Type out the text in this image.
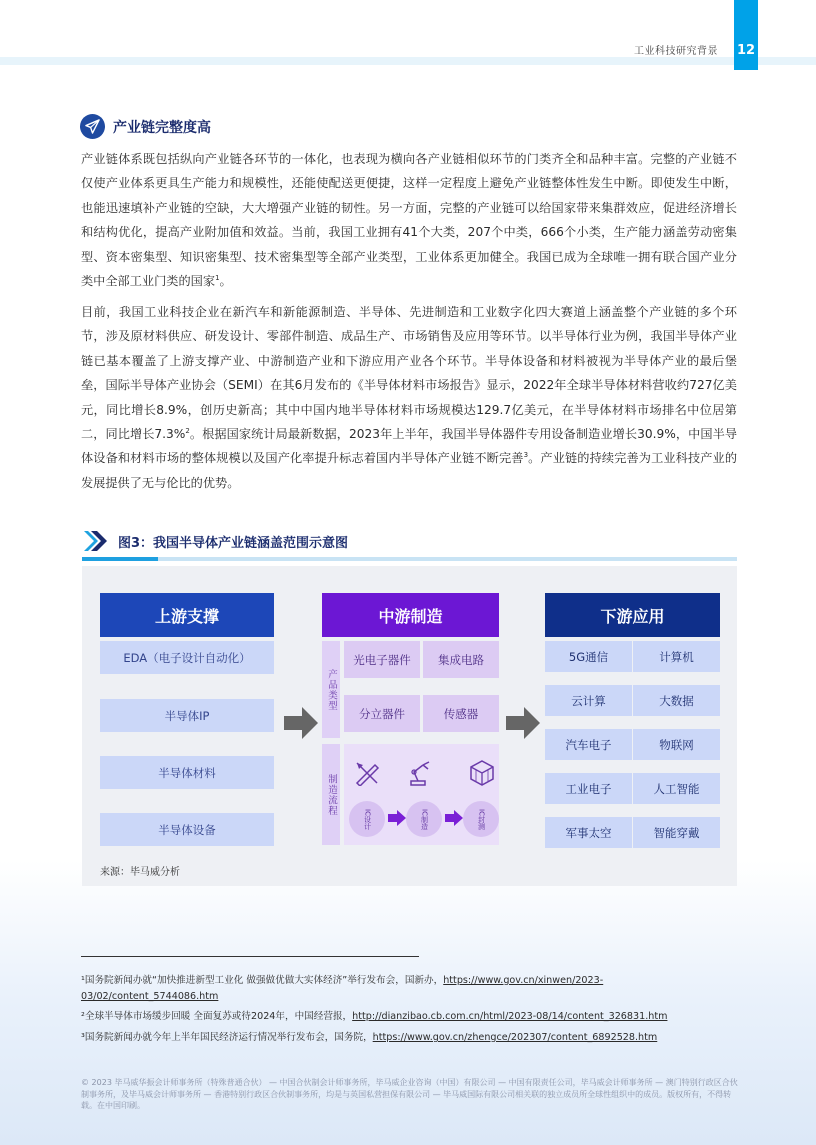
工业科技研究背景 12
产业链完整度高
产业链体系既包括纵向产业链各环节的一体化，也表现为横向各产业链相似环节的门类齐全和品种丰富。完整的产业链不仅使产业体系更具生产能力和规模性，还能使配送更便捷，这样一定程度上避免产业链整体性发生中断。即使发生中断，也能迅速填补产业链的空缺，大大增强产业链的韧性。另一方面，完整的产业链可以给国家带来集群效应，促进经济增长和结构优化，提高产业附加值和效益。当前，我国工业拥有41个大类，207个中类，666个小类，生产能力涵盖劳动密集型、资本密集型、知识密集型、技术密集型等全部产业类型，工业体系更加健全。我国已成为全球唯一拥有联合国产业分类中全部工业门类的国家$^1$。
目前，我国工业科技企业在新汽车和新能源制造、半导体、先进制造和工业数字化四大赛道上涵盖整个产业链的多个环节，涉及原材料供应、研发设计、零部件制造、成品生产、市场销售及应用等环节。以半导体行业为例，我国半导体产业链已基本覆盖了上游支撑产业、中游制造产业和下游应用产业各个环节。半导体设备和材料被视为半导体产业的最后堡垒，国际半导体产业协会（SEMI）在其6月发布的《半导体材料市场报告》显示，2022年全球半导体材料营收约727亿美元，同比增长8.9%，创历史新高；其中中国内地半导体材料市场规模达129.7亿美元，在半导体材料市场排名中位居第二，同比增长7.3%$^2$。根据国家统计局最新数据，2023年上半年，我国半导体器件专用设备制造业增长30.9%，中国半导体设备和材料市场的整体规模以及国产化率提升标志着国内半导体产业链不断完善$^3$。产业链的持续完善为工业科技产业的发展提供了无与伦比的优势。
图3：我国半导体产业链涵盖范围示意图
上游支撑
EDA（电子设计自动化）
半导体IP
半导体材料
半导体设备
中游制造
产品类型
光电子器件	集成电路
分立器件	传感器
制造流程
IC设计	IC制造	IC封测
下游应用
5G通信	计算机
云计算	大数据
汽车电子	物联网
工业电子	人工智能
军事太空	智能穿戴
来源：毕马威分析
¹国务院新闻办就“加快推进新型工业化 做强做优做大实体经济”举行发布会，国新办，https://www.gov.cn/xinwen/2023-03/02/content_5744086.htm
²全球半导体市场缓步回暖 全面复苏或待2024年，中国经营报，http://dianzibao.cb.com.cn/html/2023-08/14/content_326831.htm
³国务院新闻办就今年上半年国民经济运行情况举行发布会，国务院，https://www.gov.cn/zhengce/202307/content_6892528.htm
© 2023 毕马威华振会计师事务所（特殊普通合伙） — 中国合伙制会计师事务所，毕马威企业咨询（中国）有限公司 — 中国有限责任公司，毕马威会计师事务所 — 澳门特别行政区合伙制事务所，及毕马威会计师事务所 — 香港特别行政区合伙制事务所，均是与英国私营担保有限公司 — 毕马威国际有限公司相关联的独立成员所全球性组织中的成员。版权所有，不得转载。在中国印刷。
